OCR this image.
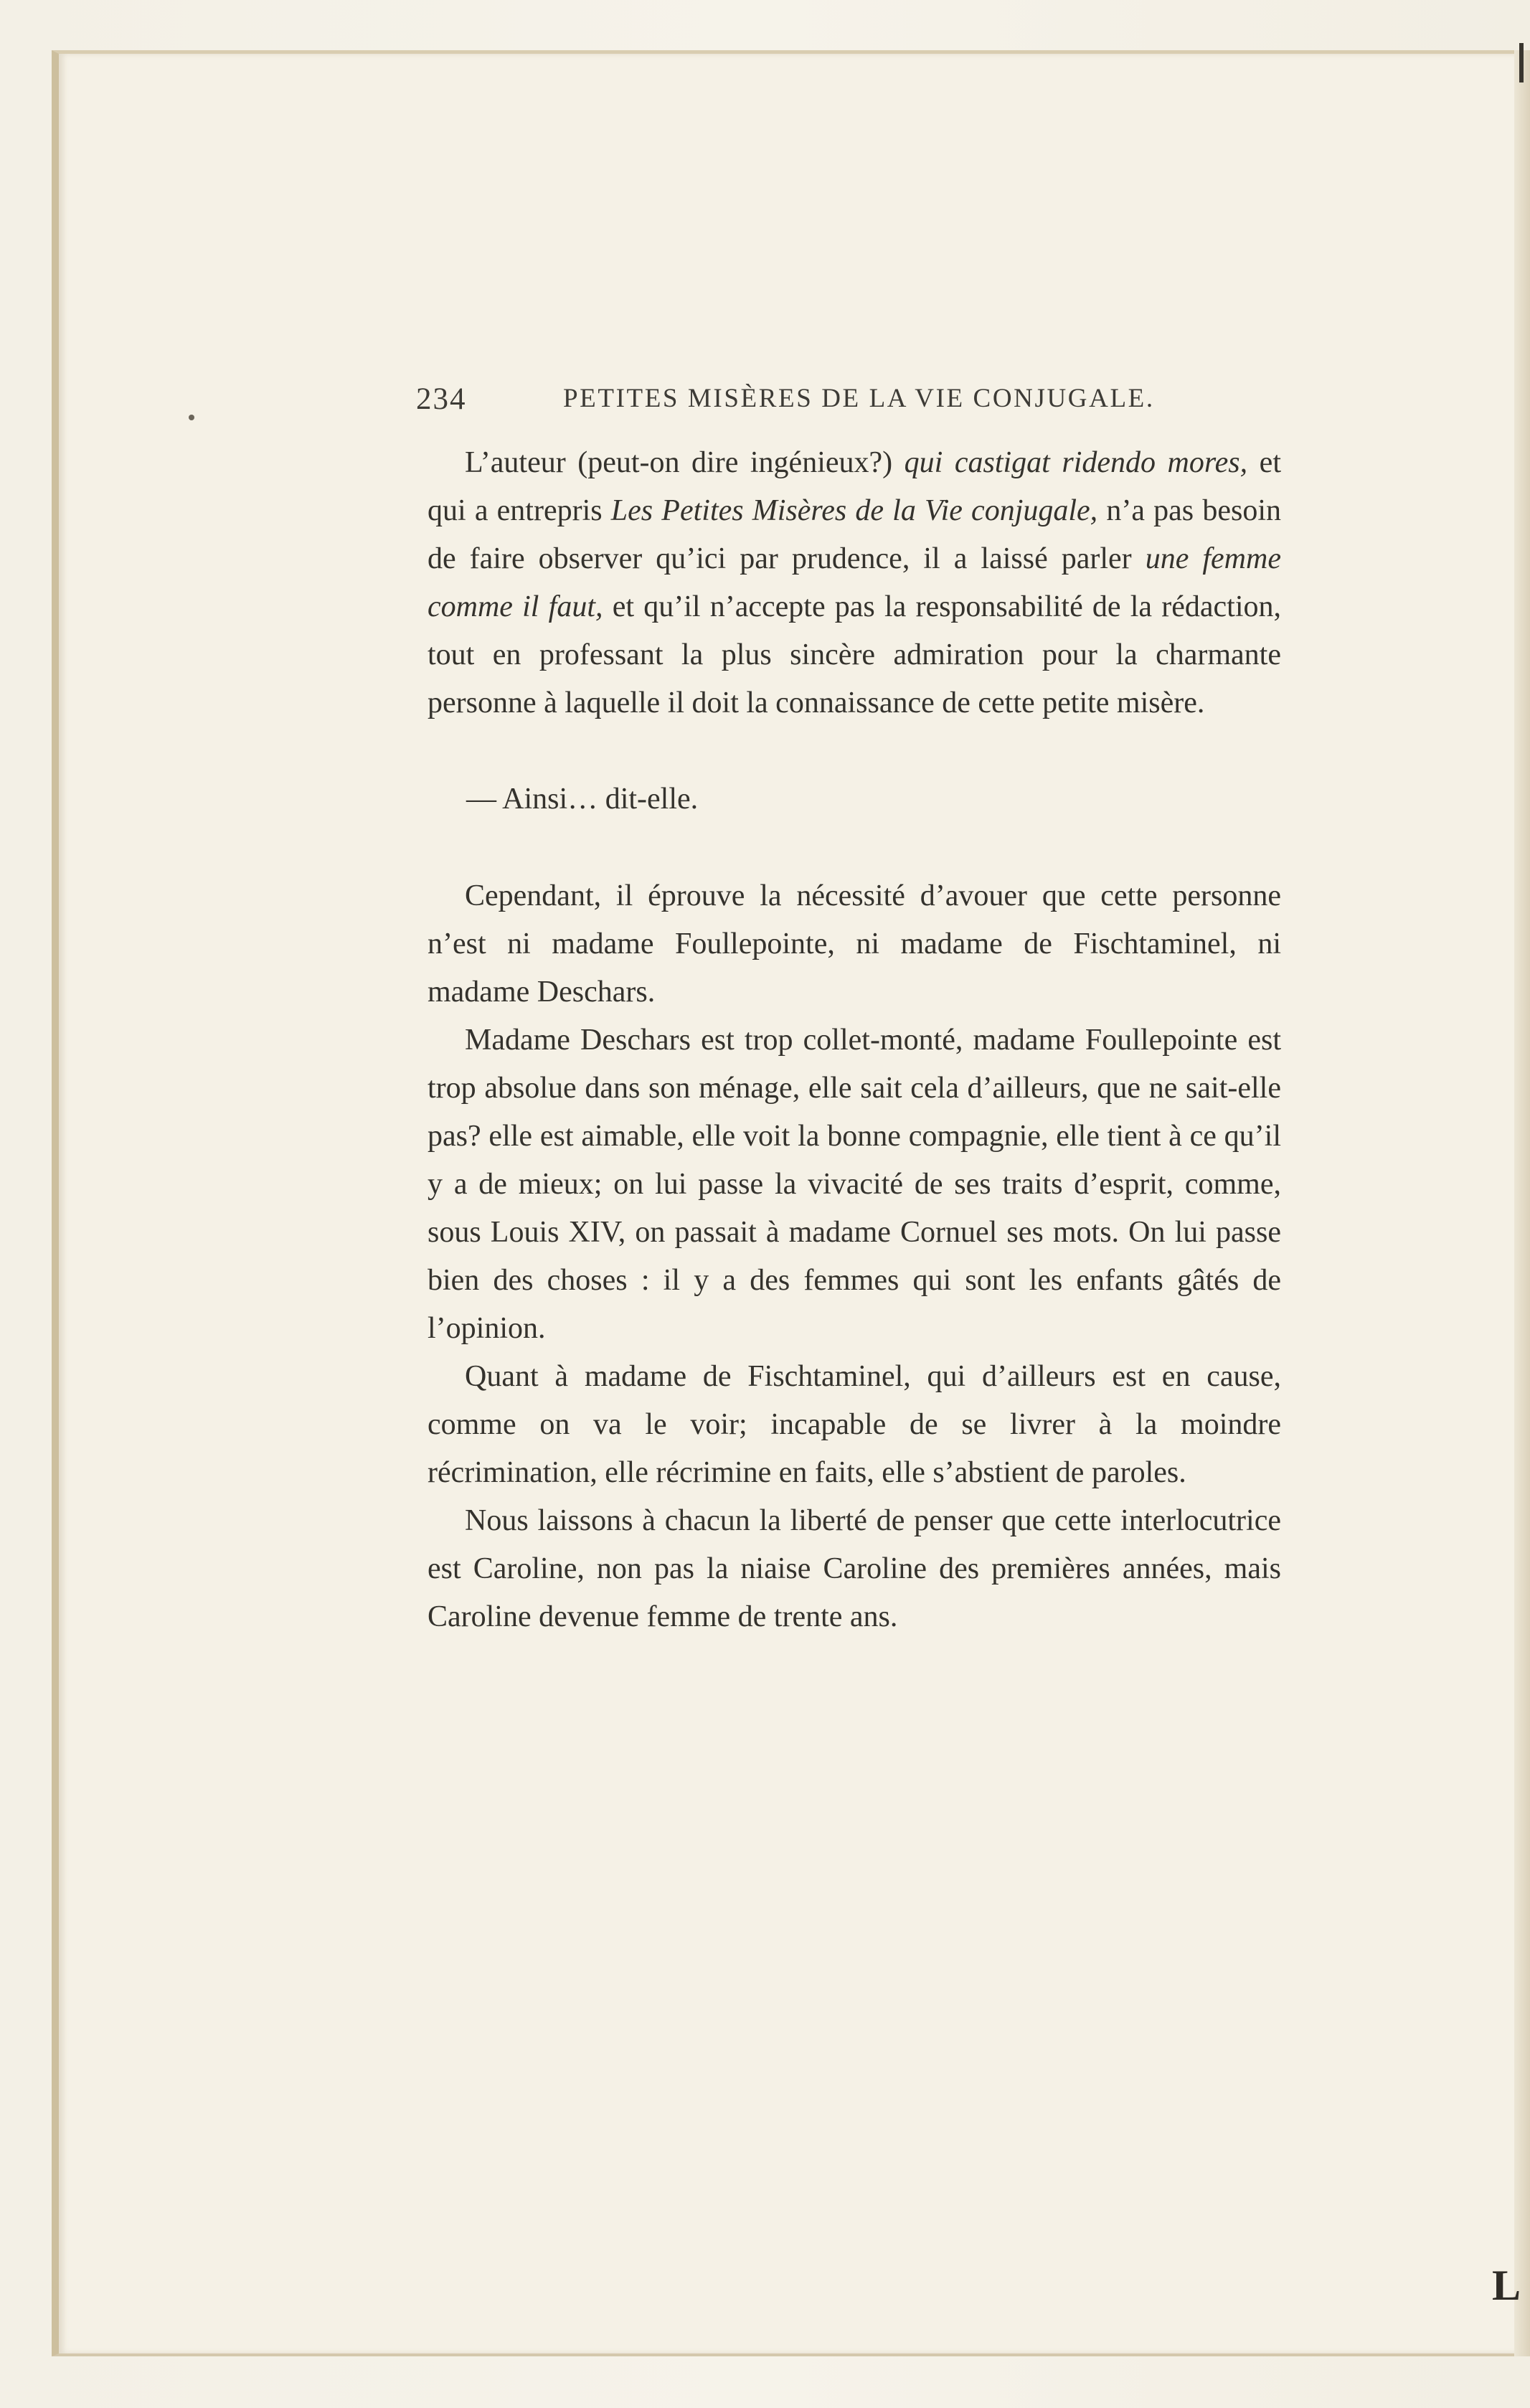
234	PETITES MISÈRES DE LA VIE CONJUGALE.

L’auteur (peut-on dire ingénieux?) qui castigat ridendo mores, et qui a entrepris Les Petites Misères de la Vie conjugale, n’a pas besoin de faire observer qu’ici par prudence, il a laissé parler une femme comme il faut, et qu’il n’accepte pas la responsabilité de la rédaction, tout en professant la plus sincère admiration pour la charmante personne à laquelle il doit la connaissance de cette petite misère.

— Ainsi… dit-elle.

Cependant, il éprouve la nécessité d’avouer que cette personne n’est ni madame Foullepointe, ni madame de Fischtaminel, ni madame Deschars.

Madame Deschars est trop collet-monté, madame Foullepointe est trop absolue dans son ménage, elle sait cela d’ailleurs, que ne sait-elle pas? elle est aimable, elle voit la bonne compagnie, elle tient à ce qu’il y a de mieux; on lui passe la vivacité de ses traits d’esprit, comme, sous Louis XIV, on passait à madame Cornuel ses mots. On lui passe bien des choses : il y a des femmes qui sont les enfants gâtés de l’opinion.

Quant à madame de Fischtaminel, qui d’ailleurs est en cause, comme on va le voir; incapable de se livrer à la moindre récrimination, elle récrimine en faits, elle s’abstient de paroles.

Nous laissons à chacun la liberté de penser que cette interlocutrice est Caroline, non pas la niaise Caroline des premières années, mais Caroline devenue femme de trente ans.

L
